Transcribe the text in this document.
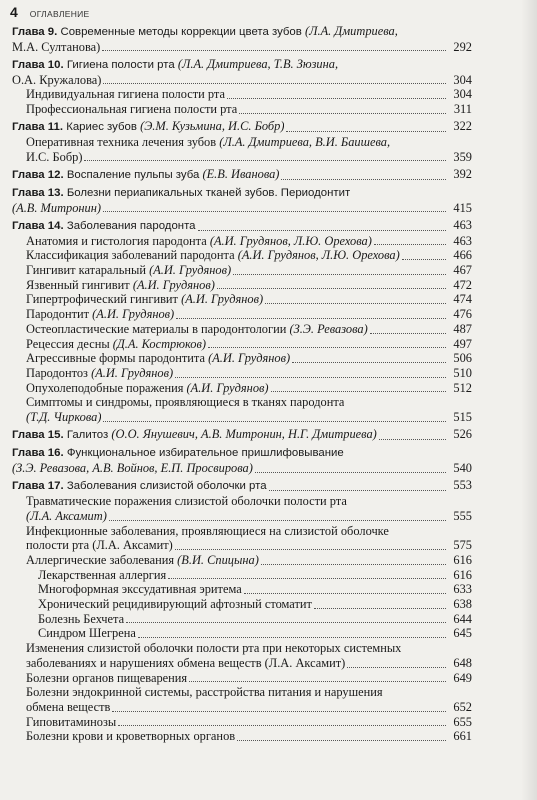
4 ОГЛАВЛЕНИЕ
Глава 9. Современные методы коррекции цвета зубов (Л.А. Дмитриева,
М.А. Султанова)	292
Глава 10. Гигиена полости рта (Л.А. Дмитриева, Т.В. Зюзина,
О.А. Кружалова)	304
Индивидуальная гигиена полости рта	304
Профессиональная гигиена полости рта	311
Глава 11. Кариес зубов (Э.М. Кузьмина, И.С. Бобр)	322
Оперативная техника лечения зубов (Л.А. Дмитриева, В.И. Баишева,
И.С. Бобр)	359
Глава 12. Воспаление пульпы зуба (Е.В. Иванова)	392
Глава 13. Болезни периапикальных тканей зубов. Периодонтит
(А.В. Митронин)	415
Глава 14. Заболевания пародонта	463
Анатомия и гистология пародонта (А.И. Грудянов, Л.Ю. Орехова)	463
Классификация заболеваний пародонта (А.И. Грудянов, Л.Ю. Орехова)	466
Гингивит катаральный (А.И. Грудянов)	467
Язвенный гингивит (А.И. Грудянов)	472
Гипертрофический гингивит (А.И. Грудянов)	474
Пародонтит (А.И. Грудянов)	476
Остеопластические материалы в пародонтологии (З.Э. Ревазова)	487
Рецессия десны (Д.А. Кострюков)	497
Агрессивные формы пародонтита (А.И. Грудянов)	506
Пародонтоз (А.И. Грудянов)	510
Опухолеподобные поражения (А.И. Грудянов)	512
Симптомы и синдромы, проявляющиеся в тканях пародонта
(Т.Д. Чиркова)	515
Глава 15. Галитоз (О.О. Янушевич, А.В. Митронин, Н.Г. Дмитриева)	526
Глава 16. Функциональное избирательное пришлифовывание
(З.Э. Ревазова, А.В. Войнов, Е.П. Просвирова)	540
Глава 17. Заболевания слизистой оболочки рта	553
Травматические поражения слизистой оболочки полости рта
(Л.А. Аксамит)	555
Инфекционные заболевания, проявляющиеся на слизистой оболочке
полости рта (Л.А. Аксамит)	575
Аллергические заболевания (В.И. Спицына)	616
Лекарственная аллергия	616
Многоформная экссудативная эритема	633
Хронический рецидивирующий афтозный стоматит	638
Болезнь Бехчета	644
Синдром Шегрена	645
Изменения слизистой оболочки полости рта при некоторых системных
заболеваниях и нарушениях обмена веществ (Л.А. Аксамит)	648
Болезни органов пищеварения	649
Болезни эндокринной системы, расстройства питания и нарушения
обмена веществ	652
Гиповитаминозы	655
Болезни крови и кроветворных органов	661
